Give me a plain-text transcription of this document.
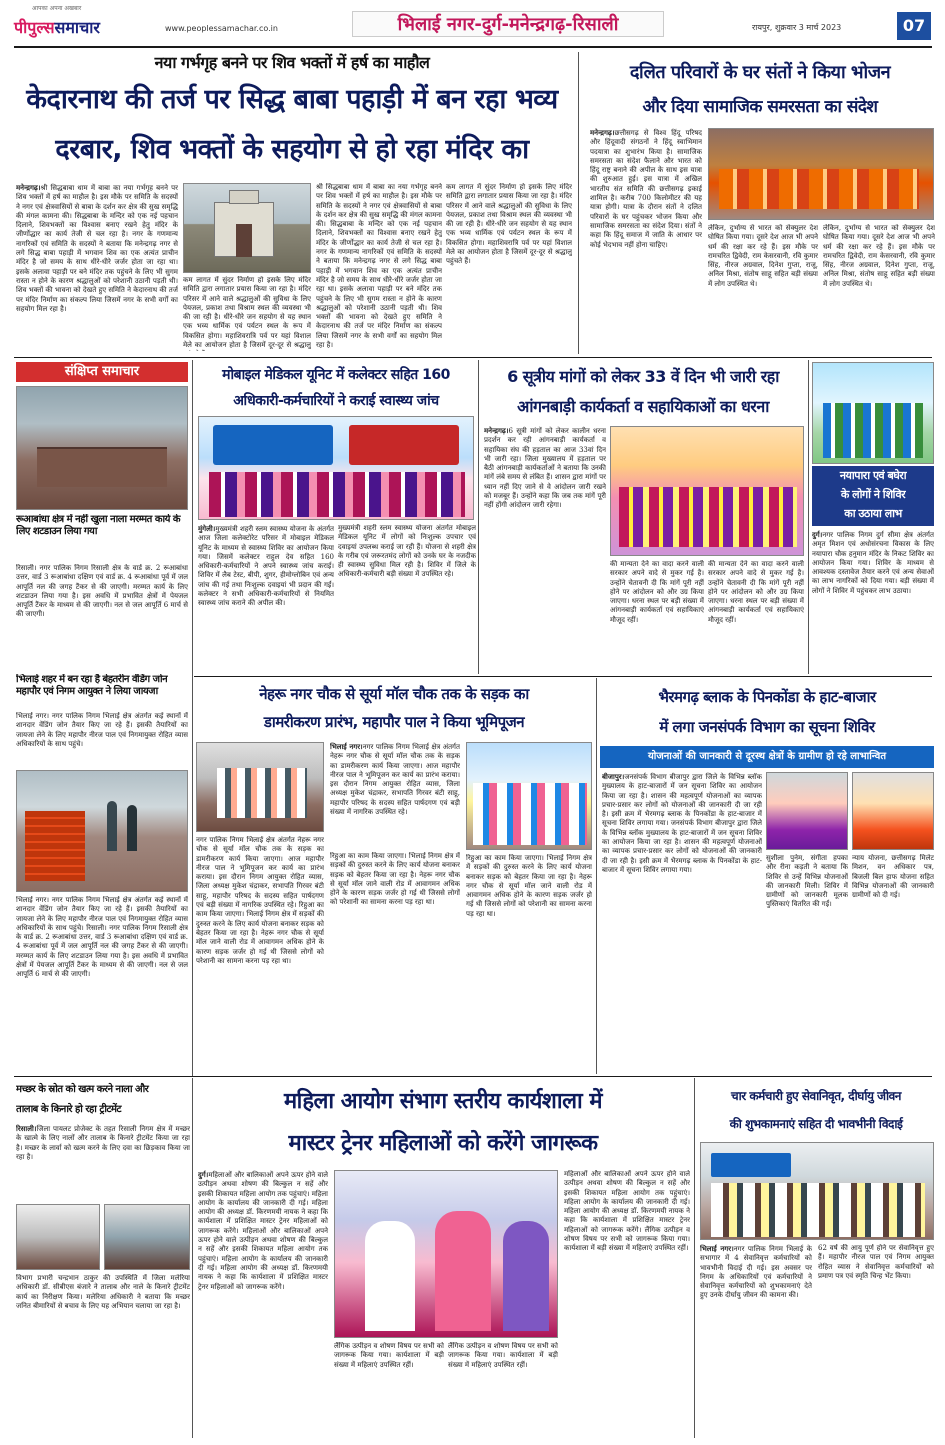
आपका अपना अखबार
पीपुल्ससमाचार	www.peoplessamachar.co.in	भिलाई नगर-दुर्ग-मनेन्द्रगढ़-रिसाली	रायपुर, शुक्रवार 3 मार्च 2023	07
नया गर्भगृह बनने पर शिव भक्तों में हर्ष का माहौल
केदारनाथ की तर्ज पर सिद्ध बाबा पहाड़ी में बन रहा भव्य
दरबार, शिव भक्तों के सहयोग से हो रहा मंदिर का
मनेन्द्रगढ़।श्री सिद्धबाबा धाम में बाबा का नया गर्भगृह बनने पर शिव भक्तों में हर्ष का माहौल है। इस मौके पर समिति के सदस्यों ने नगर एवं क्षेत्रवासियों से बाबा के दर्शन कर क्षेत्र की सुख समृद्धि की मंगल कामना की। सिद्धबाबा के मन्दिर को एक नई पहचान दिलाने, शिवभक्तों का विश्वास बनाए रखने हेतु मंदिर के जीर्णोद्धार का कार्य तेजी से चल रहा है। नगर के गणमान्य नागरिकों एवं समिति के सदस्यों ने बताया कि मनेन्द्रगढ़ नगर से लगे सिद्ध बाबा पहाड़ी में भगवान शिव का एक अत्यंत प्राचीन मंदिर है जो समय के साथ धीरे-धीरे जर्जर होता जा रहा था। इसके अलावा पहाड़ी पर बने मंदिर तक पहुंचने के लिए भी सुगम रास्ता न होने के कारण श्रद्धालुओं को परेशानी उठानी पड़ती थी। शिव भक्तों की भावना को देखते हुए समिति ने केदारनाथ की तर्ज पर मंदिर निर्माण का संकल्प लिया जिसमें नगर के सभी वर्गों का सहयोग मिल रहा है।
कम लागत में सुंदर निर्माण हो इसके लिए मंदिर समिति द्वारा लगातार प्रयास किया जा रहा है। मंदिर परिसर में आने वाले श्रद्धालुओं की सुविधा के लिए पेयजल, प्रकाश तथा विश्राम स्थल की व्यवस्था भी की जा रही है। धीरे-धीरे जन सहयोग से यह स्थान एक भव्य धार्मिक एवं पर्यटन स्थल के रूप में विकसित होगा। महाशिवरात्रि पर्व पर यहां विशाल मेले का आयोजन होता है जिसमें दूर-दूर से श्रद्धालु
श्री सिद्धबाबा धाम में बाबा का नया गर्भगृह बनने पर शिव भक्तों में हर्ष का माहौल है। इस मौके पर समिति के सदस्यों ने नगर एवं क्षेत्रवासियों से बाबा के दर्शन कर क्षेत्र की सुख समृद्धि की मंगल कामना की। सिद्धबाबा के मन्दिर को एक नई पहचान दिलाने, शिवभक्तों का विश्वास बनाए रखने हेतु मंदिर के जीर्णोद्धार का कार्य तेजी से चल रहा है। नगर के गणमान्य नागरिकों एवं समिति के सदस्यों ने बताया कि मनेन्द्रगढ़ नगर से लगे सिद्ध बाबा पहाड़ी में भगवान शिव का एक अत्यंत प्राचीन मंदिर है जो समय के साथ धीरे-धीरे जर्जर होता जा रहा था। इसके अलावा पहाड़ी पर बने मंदिर तक पहुंचने के लिए भी सुगम रास्ता न होने के कारण श्रद्धालुओं को परेशानी उठानी पड़ती थी। शिव भक्तों की भावना को देखते हुए समिति ने केदारनाथ की तर्ज पर मंदिर निर्माण का संकल्प लिया जिसमें नगर के सभी वर्गों का सहयोग मिल रहा है।
कम लागत में सुंदर निर्माण हो इसके लिए मंदिर समिति द्वारा लगातार प्रयास किया जा रहा है। मंदिर परिसर में आने वाले श्रद्धालुओं की सुविधा के लिए पेयजल, प्रकाश तथा विश्राम स्थल की व्यवस्था भी की जा रही है। धीरे-धीरे जन सहयोग से यह स्थान एक भव्य धार्मिक एवं पर्यटन स्थल के रूप में विकसित होगा। महाशिवरात्रि पर्व पर यहां विशाल मेले का आयोजन होता है जिसमें दूर-दूर से श्रद्धालु पहुंचते हैं।
दलित परिवारों के घर संतों ने किया भोजन
और दिया सामाजिक समरसता का संदेश
मनेन्द्रगढ़।छत्तीसगढ़ से विश्व हिंदू परिषद और हिंदूवादी संगठनों ने हिंदू स्वाभिमान पदयात्रा का शुभारंभ किया है। सामाजिक समरसता का संदेश फैलाने और भारत को हिंदू राष्ट्र बनाने की अपील के साथ इस यात्रा की शुरुआत हुई। इस यात्रा में अखिल भारतीय संत समिति की छत्तीसगढ़ इकाई शामिल है। करीब 700 किलोमीटर की यह यात्रा होगी। यात्रा के दौरान संतों ने दलित परिवारों के घर पहुंचकर भोजन किया और सामाजिक समरसता का संदेश दिया। संतों ने कहा कि हिंदू समाज में जाति के आधार पर कोई भेदभाव नहीं होना चाहिए।
लेकिन, दुर्भाग्य से भारत को सेक्युलर देश घोषित किया गया। दूसरे देश आज भी अपने धर्म की रक्षा कर रहे हैं। इस मौके पर रामचरित द्विवेदी, राम केसरवानी, रवि कुमार सिंह, नीरज अग्रवाल, दिनेश गुप्ता, राजू, अनिल मिश्रा, संतोष साहू सहित बड़ी संख्या में लोग उपस्थित थे।
लेकिन, दुर्भाग्य से भारत को सेक्युलर देश घोषित किया गया। दूसरे देश आज भी अपने धर्म की रक्षा कर रहे हैं। इस मौके पर रामचरित द्विवेदी, राम केसरवानी, रवि कुमार सिंह, नीरज अग्रवाल, दिनेश गुप्ता, राजू, अनिल मिश्रा, संतोष साहू सहित बड़ी संख्या में लोग उपस्थित थे।
संक्षिप्त समाचार
रूआबांधा क्षेत्र में नहीं खुला नाला मरम्मत कार्य के लिए शटडाउन लिया गया
रिसाली। नगर पालिक निगम रिसाली क्षेत्र के वार्ड क्र. 2 रूआबांधा उत्तर, वार्ड 3 रूआबांधा दक्षिण एवं वार्ड क्र. 4 रूआबांधा पूर्व में जल आपूर्ति नल की जगह टैंकर से की जाएगी। मरम्मत कार्य के लिए शटडाउन लिया गया है। इस अवधि में प्रभावित क्षेत्रों में पेयजल आपूर्ति टैंकर के माध्यम से की जाएगी। नल से जल आपूर्ति 6 मार्च से की जाएगी।
भिलाई शहर में बन रहा है बेहतरीन वेंडिंग जोन महापौर एवं निगम आयुक्त ने लिया जायजा
भिलाई नगर। नगर पालिक निगम भिलाई क्षेत्र अंतर्गत कई स्थानों में शानदार वेंडिंग जोन तैयार किए जा रहे हैं। इसकी तैयारियों का जायजा लेने के लिए महापौर नीरज पाल एवं निगमायुक्त रोहित व्यास अधिकारियों के साथ पहुंचे।
भिलाई नगर। नगर पालिक निगम भिलाई क्षेत्र अंतर्गत कई स्थानों में शानदार वेंडिंग जोन तैयार किए जा रहे हैं। इसकी तैयारियों का जायजा लेने के लिए महापौर नीरज पाल एवं निगमायुक्त रोहित व्यास अधिकारियों के साथ पहुंचे। रिसाली। नगर पालिक निगम रिसाली क्षेत्र के वार्ड क्र. 2 रूआबांधा उत्तर, वार्ड 3 रूआबांधा दक्षिण एवं वार्ड क्र. 4 रूआबांधा पूर्व में जल आपूर्ति नल की जगह टैंकर से की जाएगी। मरम्मत कार्य के लिए शटडाउन लिया गया है। इस अवधि में प्रभावित क्षेत्रों में पेयजल आपूर्ति टैंकर के माध्यम से की जाएगी। नल से जल आपूर्ति 6 मार्च से की जाएगी।
मोबाइल मेडिकल यूनिट में कलेक्टर सहित 160
अधिकारी-कर्मचारियों ने कराई स्वास्थ्य जांच
मुंगेली।मुख्यमंत्री शहरी स्लम स्वास्थ्य योजना के अंतर्गत आज जिला कलेक्टोरेट परिसर में मोबाइल मेडिकल यूनिट के माध्यम से स्वास्थ्य शिविर का आयोजन किया गया। जिसमें कलेक्टर राहुल देव सहित 160 अधिकारी-कर्मचारियों ने अपने स्वास्थ्य जांच कराई। शिविर में लैब टेस्ट, बीपी, शुगर, हीमोग्लोबिन एवं अन्य जांच की गई तथा निःशुल्क दवाइयां भी प्रदान की गईं। कलेक्टर ने सभी अधिकारी-कर्मचारियों से नियमित स्वास्थ्य जांच कराने की अपील की।
मुख्यमंत्री शहरी स्लम स्वास्थ्य योजना अंतर्गत मोबाइल मेडिकल यूनिट में लोगों को निःशुल्क उपचार एवं दवाइयां उपलब्ध कराई जा रही हैं। योजना से शहरी क्षेत्र के गरीब एवं जरूरतमंद लोगों को उनके घर के नजदीक ही स्वास्थ्य सुविधा मिल रही है। शिविर में जिले के अधिकारी-कर्मचारी बड़ी संख्या में उपस्थित रहे।
6 सूत्रीय मांगों को लेकर 33 वें दिन भी जारी रहा
आंगनबाड़ी कार्यकर्ता व सहायिकाओं का धरना
मनेन्द्रगढ़।6 सूत्री मांगों को लेकर कालीन धरना प्रदर्शन कर रही आंगनबाड़ी कार्यकर्ता व सहायिका संघ की हड़ताल का आज 33वां दिन भी जारी रहा। जिला मुख्यालय में हड़ताल पर बैठी आंगनबाड़ी कार्यकर्ताओं ने बताया कि उनकी मांगें लंबे समय से लंबित हैं। शासन द्वारा मांगों पर ध्यान नहीं दिए जाने से वे आंदोलन जारी रखने को मजबूर हैं। उन्होंने कहा कि जब तक मांगें पूरी नहीं होंगी आंदोलन जारी रहेगा।
की मान्यता देने का वादा करने वाली सरकार अपने वादे से मुकर गई है। उन्होंने चेतावनी दी कि मांगें पूरी नहीं होने पर आंदोलन को और उग्र किया जाएगा। धरना स्थल पर बड़ी संख्या में आंगनबाड़ी कार्यकर्ता एवं सहायिकाएं मौजूद रहीं।
की मान्यता देने का वादा करने वाली सरकार अपने वादे से मुकर गई है। उन्होंने चेतावनी दी कि मांगें पूरी नहीं होने पर आंदोलन को और उग्र किया जाएगा। धरना स्थल पर बड़ी संख्या में आंगनबाड़ी कार्यकर्ता एवं सहायिकाएं मौजूद रहीं।
नयापारा एवं बघेरा
के लोगों ने शिविर
का उठाया लाभ
दुर्ग।नगर पालिक निगम दुर्ग सीमा क्षेत्र अंतर्गत अमृत मिशन एवं अधोसंरचना विकास के लिए नयापारा चौक हनुमान मंदिर के निकट शिविर का आयोजन किया गया। शिविर के माध्यम से आवश्यक दस्तावेज तैयार करने एवं अन्य सेवाओं का लाभ नागरिकों को दिया गया। बड़ी संख्या में लोगों ने शिविर में पहुंचकर लाभ उठाया।
नेहरू नगर चौक से सूर्या मॉल चौक तक के सड़क का
डामरीकरण प्रारंभ, महापौर पाल ने किया भूमिपूजन
नगर पालिक निगम भिलाई क्षेत्र अंतर्गत नेहरू नगर चौक से सूर्या मॉल चौक तक के सड़क का डामरीकरण कार्य किया जाएगा। आज महापौर नीरज पाल ने भूमिपूजन कर कार्य का प्रारंभ कराया। इस दौरान निगम आयुक्त रोहित व्यास, जिला अध्यक्ष मुकेश चंद्राकर, सभापति गिरवर बंटी साहू, महापौर परिषद के सदस्य सहित पार्षदगण एवं बड़ी संख्या में नागरिक उपस्थित रहे। रिहुआ का काम किया जाएगा। भिलाई निगम क्षेत्र में सड़कों की दुरुस्त करने के लिए कार्य योजना बनाकर सड़क को बेहतर किया जा रहा है। नेहरू नगर चौक से सूर्या मॉल जाने वाली रोड में आवागमन अधिक होने के कारण सड़क जर्जर हो गई थी जिससे लोगों को परेशानी का सामना करना पड़ रहा था।
भिलाई नगर।नगर पालिक निगम भिलाई क्षेत्र अंतर्गत नेहरू नगर चौक से सूर्या मॉल चौक तक के सड़क का डामरीकरण कार्य किया जाएगा। आज महापौर नीरज पाल ने भूमिपूजन कर कार्य का प्रारंभ कराया। इस दौरान निगम आयुक्त रोहित व्यास, जिला अध्यक्ष मुकेश चंद्राकर, सभापति गिरवर बंटी साहू, महापौर परिषद के सदस्य सहित पार्षदगण एवं बड़ी संख्या में नागरिक उपस्थित रहे।
रिहुआ का काम किया जाएगा। भिलाई निगम क्षेत्र में सड़कों की दुरुस्त करने के लिए कार्य योजना बनाकर सड़क को बेहतर किया जा रहा है। नेहरू नगर चौक से सूर्या मॉल जाने वाली रोड में आवागमन अधिक होने के कारण सड़क जर्जर हो गई थी जिससे लोगों को परेशानी का सामना करना पड़ रहा था।
रिहुआ का काम किया जाएगा। भिलाई निगम क्षेत्र में सड़कों की दुरुस्त करने के लिए कार्य योजना बनाकर सड़क को बेहतर किया जा रहा है। नेहरू नगर चौक से सूर्या मॉल जाने वाली रोड में आवागमन अधिक होने के कारण सड़क जर्जर हो गई थी जिससे लोगों को परेशानी का सामना करना पड़ रहा था।
भैरमगढ़ ब्लाक के पिनकोंडा के हाट-बाजार
में लगा जनसंपर्क विभाग का सूचना शिविर
योजनाओं की जानकारी से दूरस्थ क्षेत्रों के ग्रामीण हो रहे लाभान्वित
बीजापुर।जनसंपर्क विभाग बीजापुर द्वारा जिले के विभिन्न ब्लॉक मुख्यालय के हाट-बाजारों में जन सूचना शिविर का आयोजन किया जा रहा है। शासन की महत्वपूर्ण योजनाओं का व्यापक प्रचार-प्रसार कर लोगों को योजनाओं की जानकारी दी जा रही है। इसी क्रम में भैरमगढ़ ब्लाक के पिनकोंडा के हाट-बाजार में सूचना शिविर लगाया गया। जनसंपर्क विभाग बीजापुर द्वारा जिले के विभिन्न ब्लॉक मुख्यालय के हाट-बाजारों में जन सूचना शिविर का आयोजन किया जा रहा है। शासन की महत्वपूर्ण योजनाओं का व्यापक प्रचार-प्रसार कर लोगों को योजनाओं की जानकारी दी जा रही है। इसी क्रम में भैरमगढ़ ब्लाक के पिनकोंडा के हाट-बाजार में सूचना शिविर लगाया गया।
सुशीला पुनेम, संगीता हपका और रीना कड़ती ने बताया कि शिविर से उन्हें विभिन्न योजनाओं की जानकारी मिली। शिविर में ग्रामीणों को जानकारी मूलक पुस्तिकाएं वितरित की गईं।
न्याय योजना, छत्तीसगढ़ मिलेट मिशन, वन अधिकार पत्र, बिजली बिल हाफ योजना सहित विभिन्न योजनाओं की जानकारी ग्रामीणों को दी गई।
मच्छर के स्रोत को खत्म करने नाला और
तालाब के किनारे हो रहा ट्रीटमेंट
रिसाली।जिला पायलट प्रोजेक्ट के तहत रिसाली निगम क्षेत्र में मच्छर के खात्मे के लिए नालों और तालाब के किनारे ट्रीटमेंट किया जा रहा है। मच्छर के लार्वा को खत्म करने के लिए दवा का छिड़काव किया जा रहा है।
विभाग प्रभारी चन्द्रभान ठाकुर की उपस्थिति में जिला मलेरिया अधिकारी डॉ. सीबीएस बंजारे ने तालाब और नाले के किनारे ट्रीटमेंट कार्य का निरीक्षण किया। मलेरिया अधिकारी ने बताया कि मच्छर जनित बीमारियों से बचाव के लिए यह अभियान चलाया जा रहा है।
महिला आयोग संभाग स्तरीय कार्यशाला में
मास्टर ट्रेनर महिलाओं को करेंगे जागरूक
दुर्ग।महिलाओं और बालिकाओं अपने ऊपर होने वाले उत्पीड़न अथवा शोषण की बिल्कुल न सहें और इसकी शिकायत महिला आयोग तक पहुंचाएं। महिला आयोग के कार्यालय की जानकारी दी गई। महिला आयोग की अध्यक्ष डॉ. किरणमयी नायक ने कहा कि कार्यशाला में प्रशिक्षित मास्टर ट्रेनर महिलाओं को जागरूक करेंगे। महिलाओं और बालिकाओं अपने ऊपर होने वाले उत्पीड़न अथवा शोषण की बिल्कुल न सहें और इसकी शिकायत महिला आयोग तक पहुंचाएं। महिला आयोग के कार्यालय की जानकारी दी गई। महिला आयोग की अध्यक्ष डॉ. किरणमयी नायक ने कहा कि कार्यशाला में प्रशिक्षित मास्टर ट्रेनर महिलाओं को जागरूक करेंगे।
लैंगिक उत्पीड़न व शोषण विषय पर सभी को जागरूक किया गया। कार्यशाला में बड़ी संख्या में महिलाएं उपस्थित रहीं।
लैंगिक उत्पीड़न व शोषण विषय पर सभी को जागरूक किया गया। कार्यशाला में बड़ी संख्या में महिलाएं उपस्थित रहीं।
महिलाओं और बालिकाओं अपने ऊपर होने वाले उत्पीड़न अथवा शोषण की बिल्कुल न सहें और इसकी शिकायत महिला आयोग तक पहुंचाएं। महिला आयोग के कार्यालय की जानकारी दी गई। महिला आयोग की अध्यक्ष डॉ. किरणमयी नायक ने कहा कि कार्यशाला में प्रशिक्षित मास्टर ट्रेनर महिलाओं को जागरूक करेंगे। लैंगिक उत्पीड़न व शोषण विषय पर सभी को जागरूक किया गया। कार्यशाला में बड़ी संख्या में महिलाएं उपस्थित रहीं।
चार कर्मचारी हुए सेवानिवृत, दीर्घायु जीवन
की शुभकामनाएं सहित दी भावभीनी विदाई
भिलाई नगर।नगर पालिक निगम भिलाई के सभागार में 4 सेवानिवृत्त कर्मचारियों को भावभीनी विदाई दी गई। इस अवसर पर निगम के अधिकारियों एवं कर्मचारियों ने सेवानिवृत्त कर्मचारियों को शुभकामनाएं देते हुए उनके दीर्घायु जीवन की कामना की।
62 वर्ष की आयु पूर्ण होने पर सेवानिवृत्त हुए हैं। महापौर नीरज पाल एवं निगम आयुक्त रोहित व्यास ने सेवानिवृत्त कर्मचारियों को प्रमाण पत्र एवं स्मृति चिन्ह भेंट किया।
